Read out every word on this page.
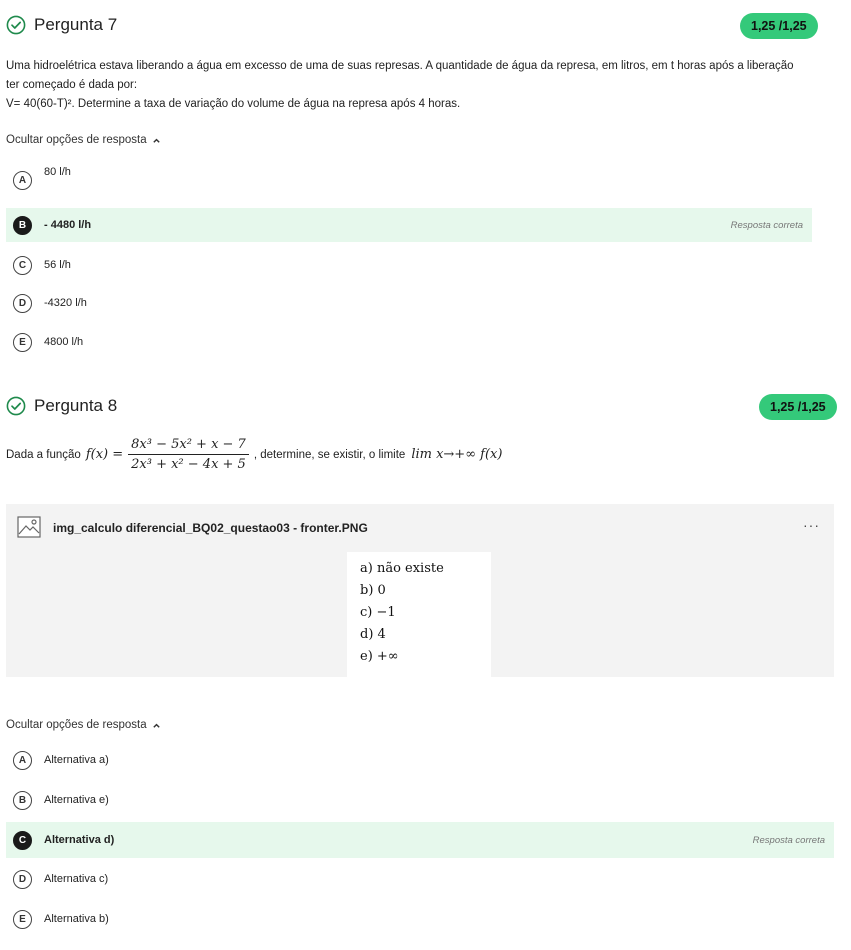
Pergunta 7	1,25 /1,25
Uma hidroelétrica estava liberando a água em excesso de uma de suas represas. A quantidade de água da represa, em litros, em t horas após a liberação
ter começado é dada por:
V= 40(60-T)². Determine a taxa de variação do volume de água na represa após 4 horas.
Ocultar opções de resposta
A
80 l/h
B	- 4480 l/h	Resposta correta
C	56 l/h
D	-4320 l/h
E	4800 l/h
Pergunta 8	1,25 /1,25
Dada a função f(x) =
8x³ − 5x² + x − 7
2x³ + x² − 4x + 5
, determine, se existir, o limite lim x→+∞ f(x)
img_calculo diferencial_BQ02_questao03 - fronter.PNG	···
a) não existe
b) 0
c) −1
d) 4
e) +∞
Ocultar opções de resposta
A	Alternativa a)
B	Alternativa e)
C	Alternativa d)	Resposta correta
D	Alternativa c)
E	Alternativa b)
